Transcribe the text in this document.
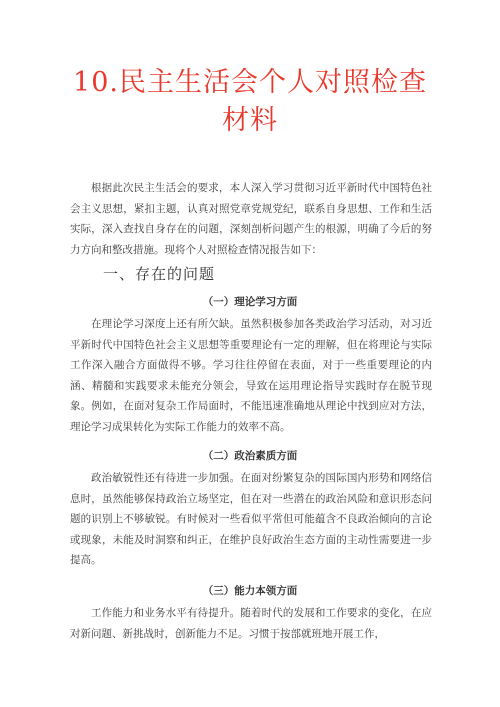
10.民主生活会个人对照检查材料
根据此次民主生活会的要求，本人深入学习贯彻习近平新时代中国特色社会主义思想，紧扣主题，认真对照党章党规党纪，联系自身思想、工作和生活实际，深入查找自身存在的问题，深刻剖析问题产生的根源，明确了今后的努力方向和整改措施。现将个人对照检查情况报告如下：
一、存在的问题
（一）理论学习方面
在理论学习深度上还有所欠缺。虽然积极参加各类政治学习活动，对习近平新时代中国特色社会主义思想等重要理论有一定的理解，但在将理论与实际工作深入融合方面做得不够。学习往往停留在表面，对于一些重要理论的内涵、精髓和实践要求未能充分领会，导致在运用理论指导实践时存在脱节现象。例如，在面对复杂工作局面时，不能迅速准确地从理论中找到应对方法，理论学习成果转化为实际工作能力的效率不高。
（二）政治素质方面
政治敏锐性还有待进一步加强。在面对纷繁复杂的国际国内形势和网络信息时，虽然能够保持政治立场坚定，但在对一些潜在的政治风险和意识形态问题的识别上不够敏锐。有时候对一些看似平常但可能蕴含不良政治倾向的言论或现象，未能及时洞察和纠正，在维护良好政治生态方面的主动性需要进一步提高。
（三）能力本领方面
工作能力和业务水平有待提升。随着时代的发展和工作要求的变化，在应对新问题、新挑战时，创新能力不足。习惯于按部就班地开展工作，
